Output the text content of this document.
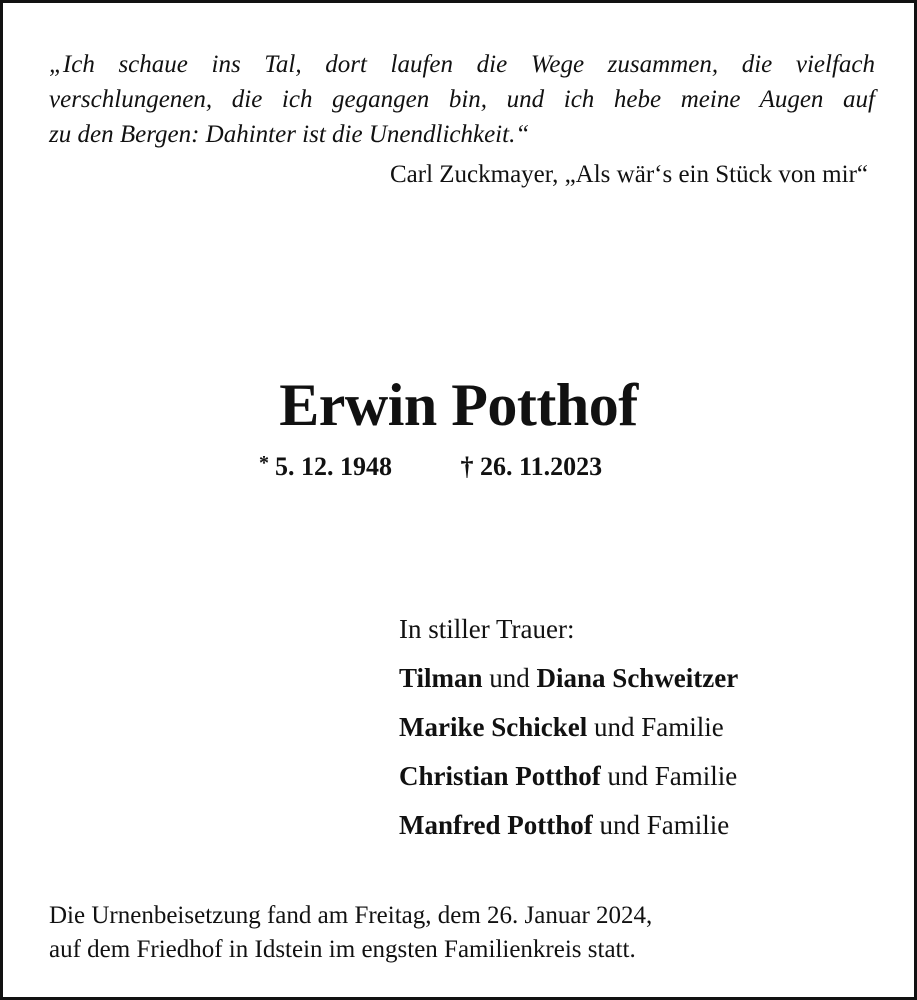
„Ich schaue ins Tal, dort laufen die Wege zusammen, die vielfach
verschlungenen, die ich gegangen bin, und ich hebe meine Augen auf
zu den Bergen: Dahinter ist die Unendlichkeit.“
Carl Zuckmayer, „Als wär‘s ein Stück von mir“
Erwin Potthof
* 5. 12. 1948	† 26. 11.2023
In stiller Trauer:
Tilman und Diana Schweitzer
Marike Schickel und Familie
Christian Potthof und Familie
Manfred Potthof und Familie
Die Urnenbeisetzung fand am Freitag, dem 26. Januar 2024,
auf dem Friedhof in Idstein im engsten Familienkreis statt.
